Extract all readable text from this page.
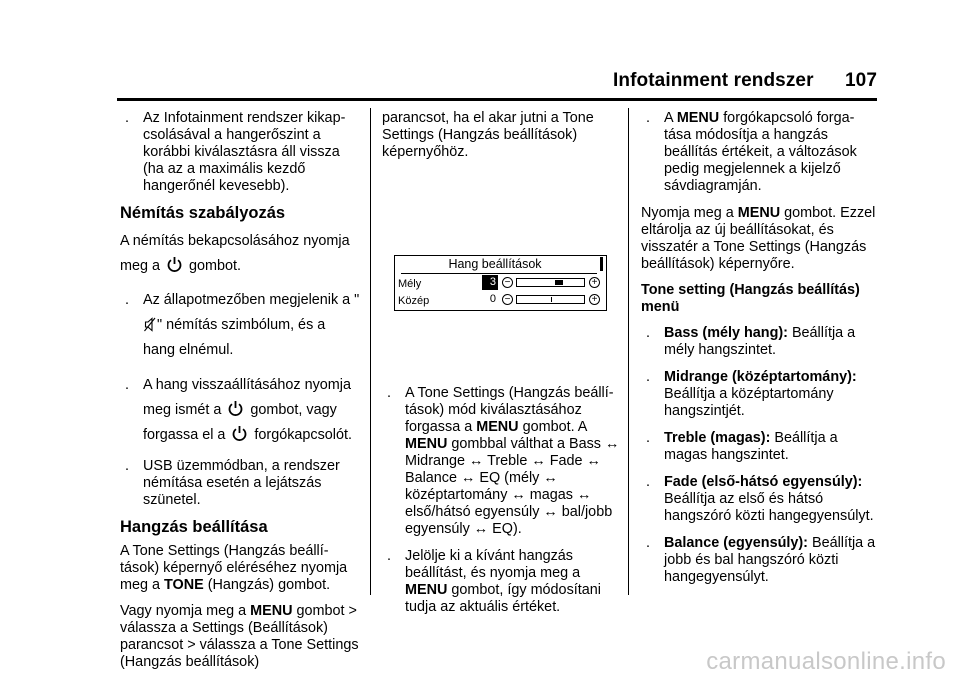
Infotainment rendszer 107
. Az Infotainment rendszer kikap-csolásával a hangerőszint a korábbi kiválasztásra áll vissza (ha az a maximális kezdő hangerőnél kevesebb).
Némítás szabályozás

A némítás bekapcsolásához nyomja meg a gombot.

. Az állapotmezőben megjelenik a "" némítás szimbólum, és a hang elnémul.
. A hang visszaállításához nyomja meg ismét a gombot, vagy forgassa el a forgókapcsolót.
. USB üzemmódban, a rendszer némítása esetén a lejátszás szünetel.
Hangzás beállítása

A Tone Settings (Hangzás beállí-tások) képernyő eléréséhez nyomja meg a TONE (Hangzás) gombot.

Vagy nyomja meg a MENU gombot > válassza a Settings (Beállítások) parancsot > válassza a Tone Settings (Hangzás beállítások)

parancsot, ha el akar jutni a Tone Settings (Hangzás beállítások) képernyőhöz.

Hang beállítások
Mély	3 −	+
Közép	0 −	+
. A Tone Settings (Hangzás beállí-tások) mód kiválasztásához forgassa a MENU gombot. A MENU gombbal válthat a Bass ↔ Midrange ↔ Treble ↔ Fade ↔ Balance ↔ EQ (mély ↔ középtartomány ↔ magas ↔ első/hátsó egyensúly ↔ bal/jobb egyensúly ↔ EQ).
. Jelölje ki a kívánt hangzás beállítást, és nyomja meg a MENU gombot, így módosítani tudja az aktuális értéket.
. A MENU forgókapcsoló forga-tása módosítja a hangzás beállítás értékeit, a változások pedig megjelennek a kijelző sávdiagramján.

Nyomja meg a MENU gombot. Ezzel eltárolja az új beállításokat, és visszatér a Tone Settings (Hangzás beállítások) képernyőre.

Tone setting (Hangzás beállítás) menü

. Bass (mély hang): Beállítja a mély hangszintet.
. Midrange (középtartomány): Beállítja a középtartomány hangszintjét.
. Treble (magas): Beállítja a magas hangszintet.
. Fade (első-hátsó egyensúly): Beállítja az első és hátsó hangszóró közti hangegyensúlyt.
. Balance (egyensúly): Beállítja a jobb és bal hangszóró közti hangegyensúlyt.
carmanualsonline.info
